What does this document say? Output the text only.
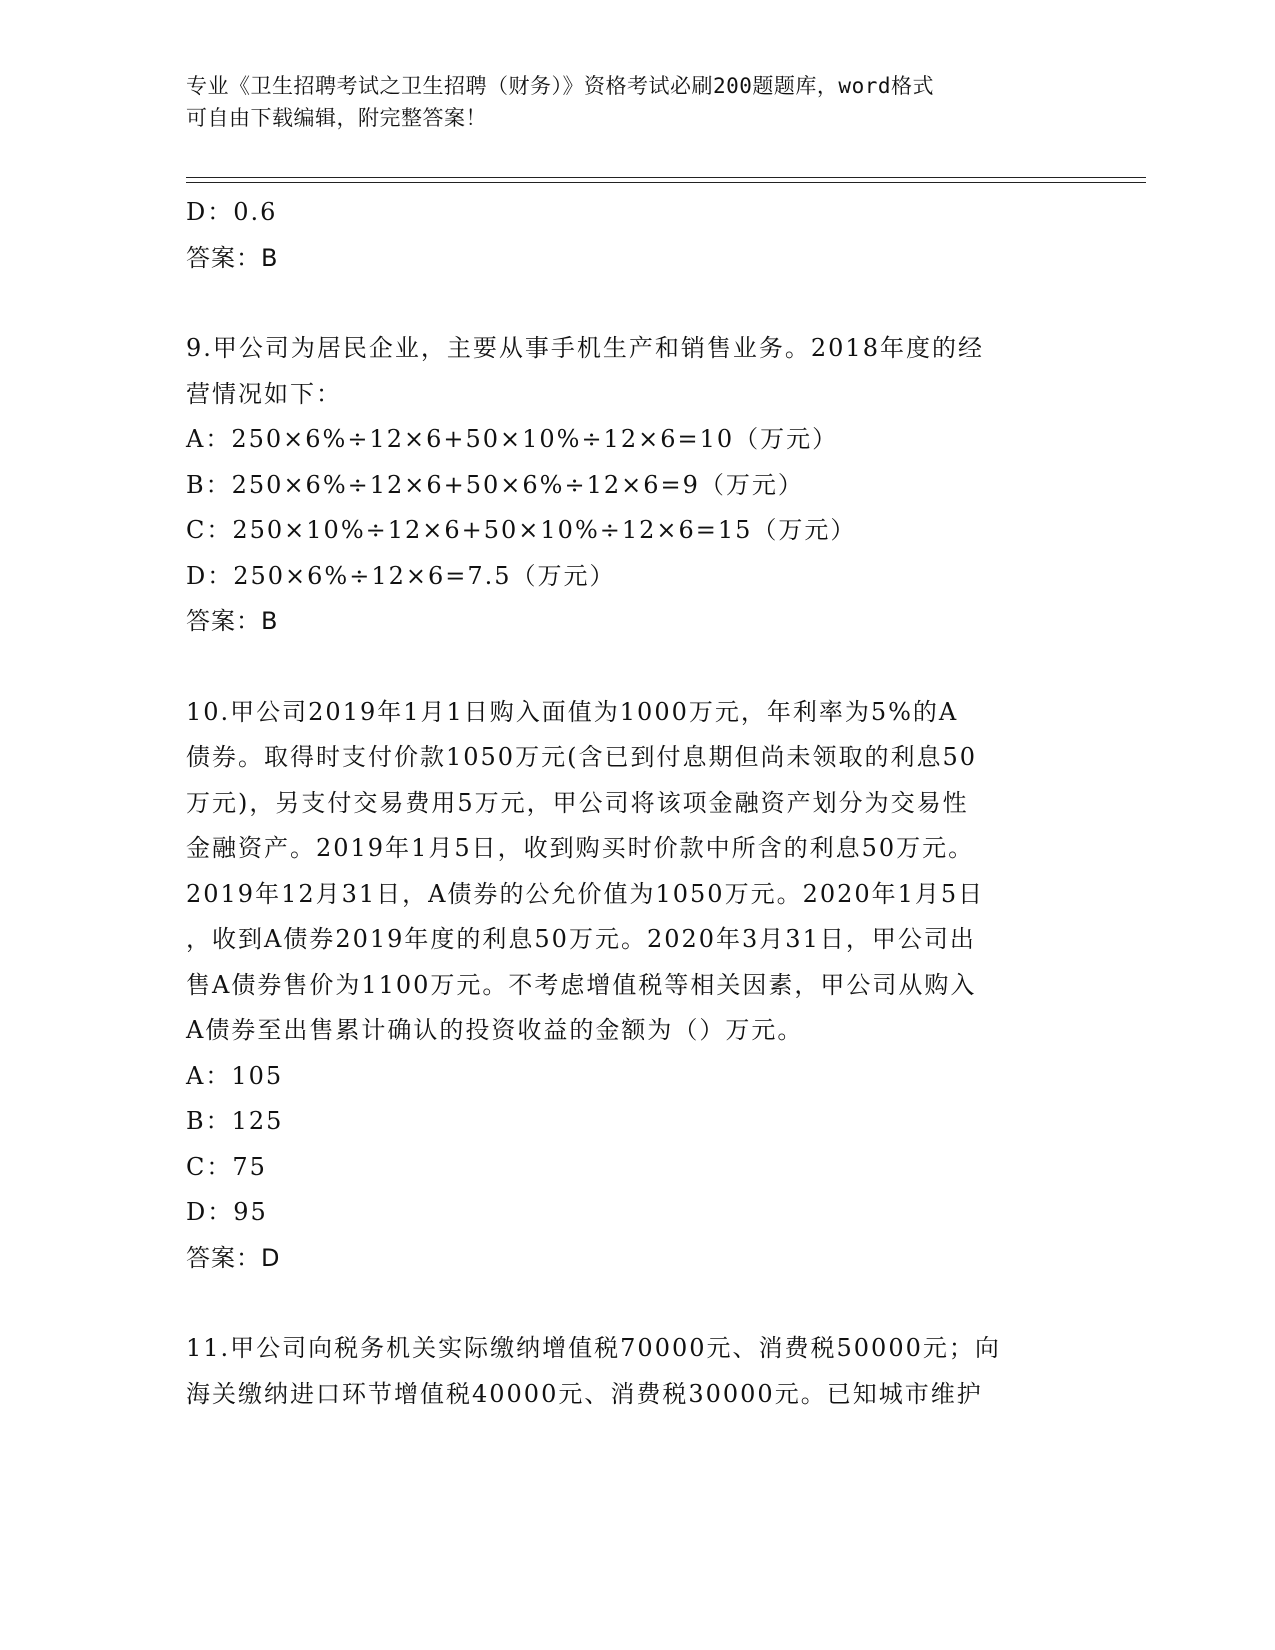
专业《卫生招聘考试之卫生招聘（财务）》资格考试必刷200题题库，word格式
可自由下载编辑，附完整答案！
D：0.6
答案：B
9.甲公司为居民企业，主要从事手机生产和销售业务。2018年度的经
营情况如下：
A：250×6%÷12×6+50×10%÷12×6=10（万元）
B：250×6%÷12×6+50×6%÷12×6=9（万元）
C：250×10%÷12×6+50×10%÷12×6=15（万元）
D：250×6%÷12×6=7.5（万元）
答案：B
10.甲公司2019年1月1日购入面值为1000万元，年利率为5%的A
债券。取得时支付价款1050万元(含已到付息期但尚未领取的利息50
万元)，另支付交易费用5万元，甲公司将该项金融资产划分为交易性
金融资产。2019年1月5日，收到购买时价款中所含的利息50万元。
2019年12月31日，A债券的公允价值为1050万元。2020年1月5日
，收到A债券2019年度的利息50万元。2020年3月31日，甲公司出
售A债券售价为1100万元。不考虑增值税等相关因素，甲公司从购入
A债券至出售累计确认的投资收益的金额为（）万元。
A：105
B：125
C：75
D：95
答案：D
11.甲公司向税务机关实际缴纳增值税70000元、消费税50000元；向
海关缴纳进口环节增值税40000元、消费税30000元。已知城市维护
